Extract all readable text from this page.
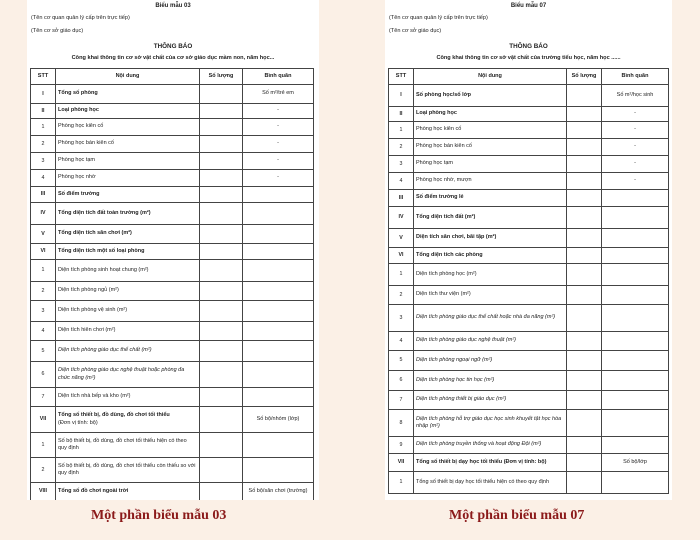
Biểu mẫu 03
(Tên cơ quan quản lý cấp trên trực tiếp)
(Tên cơ sở giáo dục)
THÔNG BÁO
Công khai thông tin cơ sở vật chất của cơ sở giáo dục mầm non, năm học...
STT	Nội dung	Số lượng	Bình quân
I	Tổng số phòng		Số m²/trẻ em
II	Loại phòng học		-
1	Phòng học kiên cố		-
2	Phòng học bán kiên cố		-
3	Phòng học tạm		-
4	Phòng học nhờ		-
III	Số điểm trường		
IV	Tổng diện tích đất toàn trường (m²)		
V	Tổng diện tích sân chơi (m²)		
VI	Tổng diện tích một số loại phòng		
1	Diện tích phòng sinh hoạt chung (m²)		
2	Diện tích phòng ngủ (m²)		
3	Diện tích phòng vệ sinh (m²)		
4	Diện tích hiên chơi (m²)		
5	Diện tích phòng giáo dục thể chất (m²)		
6	Diện tích phòng giáo dục nghệ thuật hoặc phòng đa chức năng (m²)		
7	Diện tích nhà bếp và kho (m²)		
VII	Tổng số thiết bị, đồ dùng, đồ chơi tối thiểu
(Đơn vị tính: bộ)		Số bộ/nhóm (lớp)
1	Số bộ thiết bị, đồ dùng, đồ chơi tối thiểu hiện có theo quy định		
2	Số bộ thiết bị, đồ dùng, đồ chơi tối thiểu còn thiếu so với quy định		
VIII	Tổng số đồ chơi ngoài trời		Số bộ/sân chơi (trường)
Biểu mẫu 07
(Tên cơ quan quản lý cấp trên trực tiếp)
(Tên cơ sở giáo dục)
THÔNG BÁO
Công khai thông tin cơ sở vật chất của trường tiểu học, năm học ......
STT	Nội dung	Số lượng	Bình quân
I	Số phòng học/số lớp		Số m²/học sinh
II	Loại phòng học		-
1	Phòng học kiên cố		-
2	Phòng học bán kiên cố		-
3	Phòng học tạm		-
4	Phòng học nhờ, mượn		-
III	Số điểm trường lẻ		
IV	Tổng diện tích đất (m²)		
V	Diện tích sân chơi, bãi tập (m²)		
VI	Tổng diện tích các phòng		
1	Diện tích phòng học (m²)		
2	Diện tích thư viện (m²)		
3	Diện tích phòng giáo dục thể chất hoặc nhà đa năng (m²)		
4	Diện tích phòng giáo dục nghệ thuật (m²)		
5	Diện tích phòng ngoại ngữ (m²)		
6	Diện tích phòng học tin học (m²)		
7	Diện tích phòng thiết bị giáo dục (m²)		
8	Diện tích phòng hỗ trợ giáo dục học sinh khuyết tật học hòa nhập (m²)		
9	Diện tích phòng truyền thống và hoạt động Đội (m²)		
VII	Tổng số thiết bị dạy học tối thiểu (Đơn vị tính: bộ)		Số bộ/lớp
1	Tổng số thiết bị dạy học tối thiểu hiện có theo quy định		
Một phần biểu mẫu 03	Một phần biểu mẫu 07
